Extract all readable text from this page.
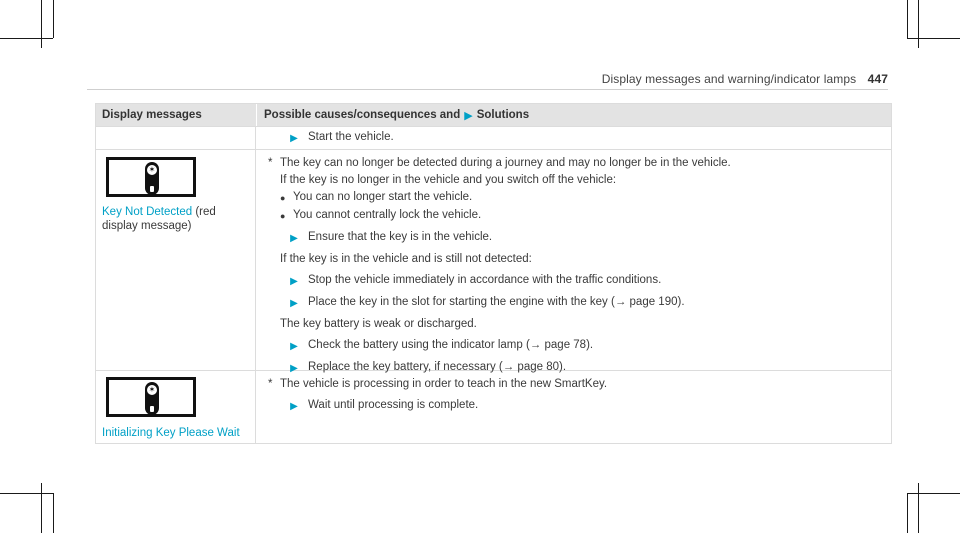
Display messages and warning/indicator lamps 447
Display messages	Possible causes/consequences and ▶ Solutions
▶ Start the vehicle.
✶
Key Not Detected (red display message)
* The key can no longer be detected during a journey and may no longer be in the vehicle.
If the key is no longer in the vehicle and you switch off the vehicle:
● You can no longer start the vehicle.
● You cannot centrally lock the vehicle.
▶ Ensure that the key is in the vehicle.
If the key is in the vehicle and is still not detected:
▶ Stop the vehicle immediately in accordance with the traffic conditions.
▶ Place the key in the slot for starting the engine with the key (→ page 190).
The key battery is weak or discharged.
▶ Check the battery using the indicator lamp (→ page 78).
▶ Replace the key battery, if necessary (→ page 80).
✶
Initializing Key Please Wait
* The vehicle is processing in order to teach in the new SmartKey.
▶ Wait until processing is complete.
